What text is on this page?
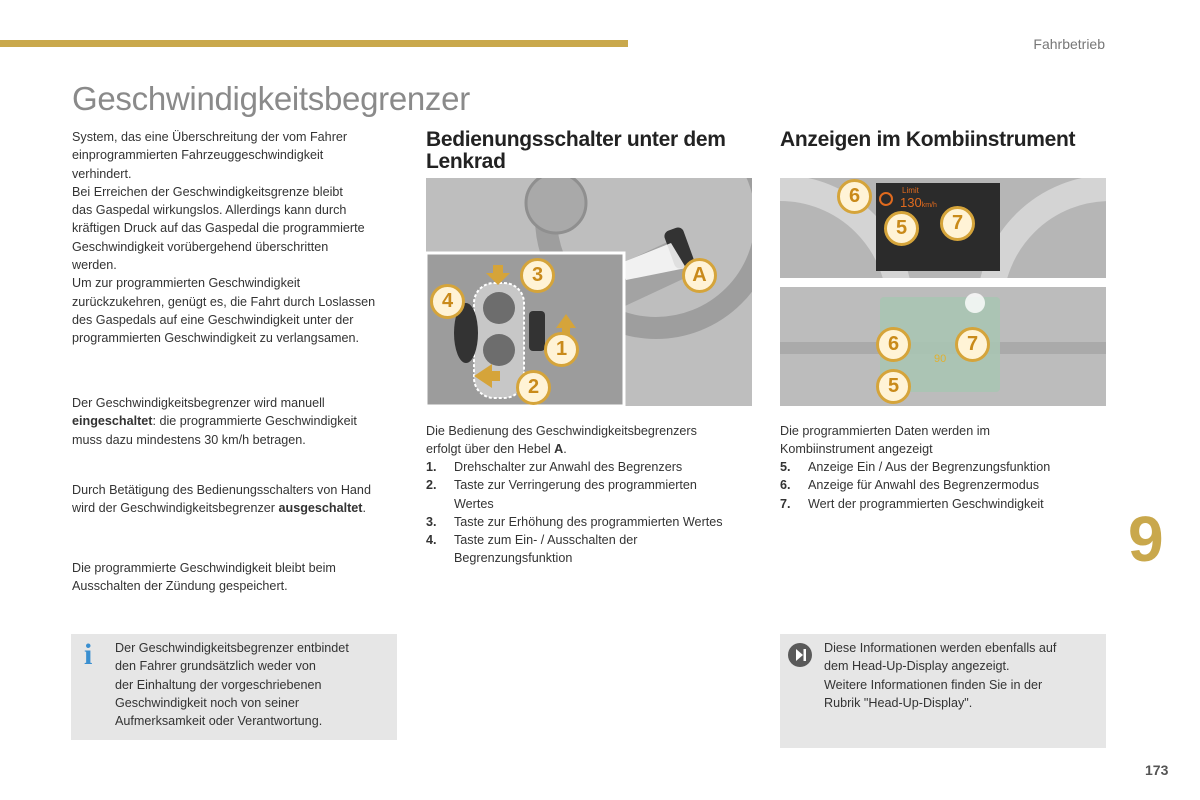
Fahrbetrieb
Geschwindigkeitsbegrenzer

System, das eine Überschreitung der vom Fahrer
einprogrammierten Fahrzeuggeschwindigkeit
verhindert.
Bei Erreichen der Geschwindigkeitsgrenze bleibt
das Gaspedal wirkungslos. Allerdings kann durch
kräftigen Druck auf das Gaspedal die programmierte
Geschwindigkeit vorübergehend überschritten
werden.
Um zur programmierten Geschwindigkeit
zurückzukehren, genügt es, die Fahrt durch Loslassen
des Gaspedals auf eine Geschwindigkeit unter der
programmierten Geschwindigkeit zu verlangsamen.

Der Geschwindigkeitsbegrenzer wird manuell
eingeschaltet: die programmierte Geschwindigkeit
muss dazu mindestens 30 km/h betragen.

Durch Betätigung des Bedienungsschalters von Hand
wird der Geschwindigkeitsbegrenzer ausgeschaltet.

Die programmierte Geschwindigkeit bleibt beim
Ausschalten der Zündung gespeichert.

i Der Geschwindigkeitsbegrenzer entbindet
den Fahrer grundsätzlich weder von
der Einhaltung der vorgeschriebenen
Geschwindigkeit noch von seiner
Aufmerksamkeit oder Verantwortung.

Bedienungsschalter unter dem
Lenkrad
A
1
2
3
4

Die Bedienung des Geschwindigkeitsbegrenzers
erfolgt über den Hebel A.

1. Drehschalter zur Anwahl des Begrenzers
2. Taste zur Verringerung des programmierten
Wertes
3. Taste zur Erhöhung des programmierten Wertes
4. Taste zum Ein- / Ausschalten der
Begrenzungsfunktion
Anzeigen im Kombiinstrument
Limit
130km/h
6
5	7
90
6	7
5

Die programmierten Daten werden im
Kombiinstrument angezeigt

5. Anzeige Ein / Aus der Begrenzungsfunktion
6. Anzeige für Anwahl des Begrenzermodus
7. Wert der programmierten Geschwindigkeit

Diese Informationen werden ebenfalls auf
dem Head-Up-Display angezeigt.
Weitere Informationen finden Sie in der
Rubrik "Head-Up-Display".

9
173
